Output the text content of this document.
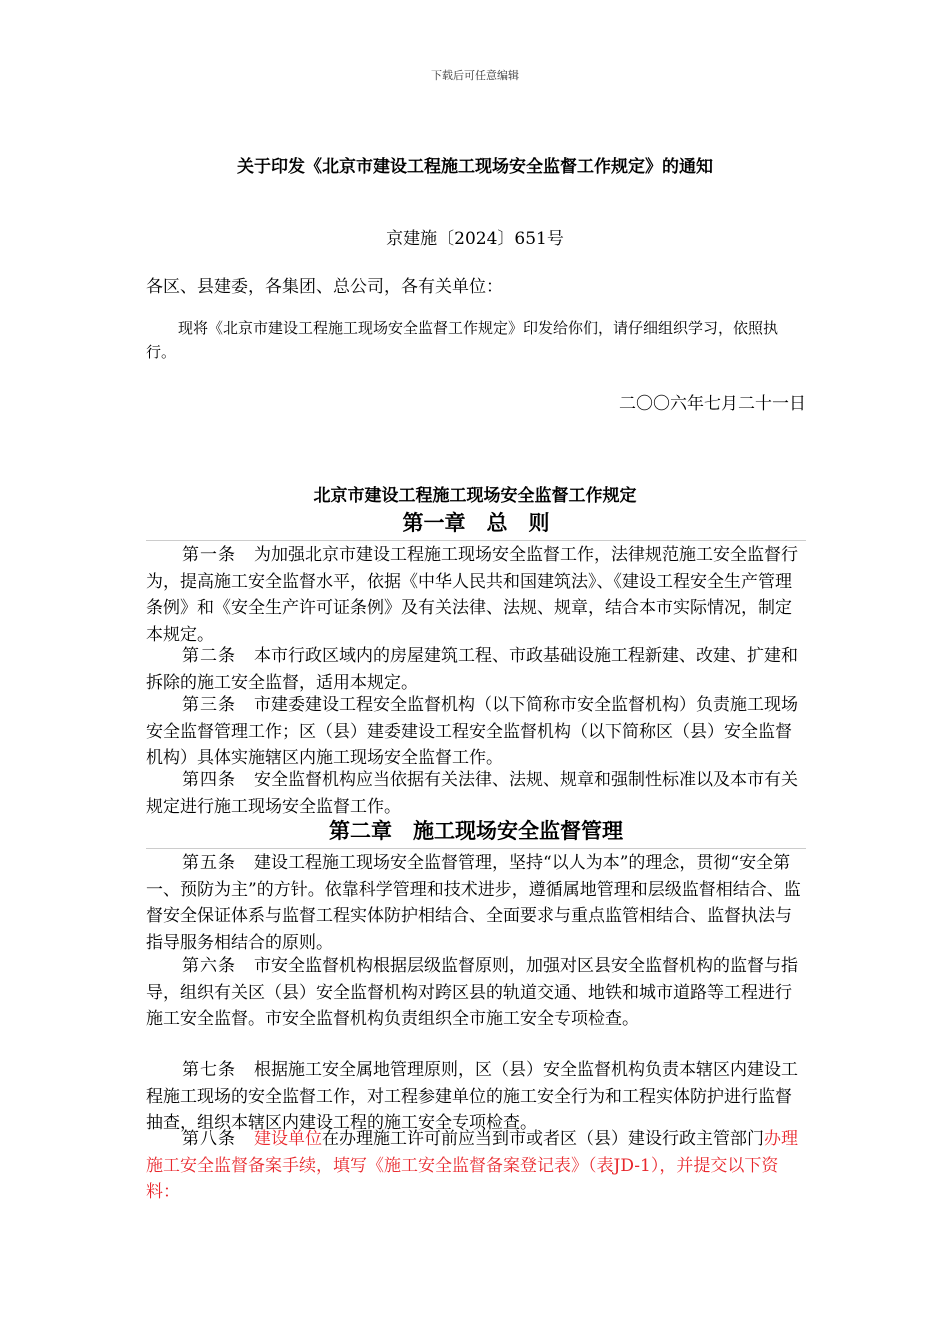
下载后可任意编辑
关于印发《北京市建设工程施工现场安全监督工作规定》的通知
京建施〔2024〕651号
各区、县建委，各集团、总公司，各有关单位：
现将《北京市建设工程施工现场安全监督工作规定》印发给你们，请仔细组织学习，依照执行。
二〇〇六年七月二十一日
北京市建设工程施工现场安全监督工作规定
第一章　总　则
第一条 为加强北京市建设工程施工现场安全监督工作，法律规范施工安全监督行为，提高施工安全监督水平，依据《中华人民共和国建筑法》、《建设工程安全生产管理条例》和《安全生产许可证条例》及有关法律、法规、规章，结合本市实际情况，制定本规定。
第二条 本市行政区域内的房屋建筑工程、市政基础设施工程新建、改建、扩建和拆除的施工安全监督，适用本规定。
第三条 市建委建设工程安全监督机构（以下简称市安全监督机构）负责施工现场安全监督管理工作；区（县）建委建设工程安全监督机构（以下简称区（县）安全监督机构）具体实施辖区内施工现场安全监督工作。
第四条 安全监督机构应当依据有关法律、法规、规章和强制性标准以及本市有关规定进行施工现场安全监督工作。
第二章　施工现场安全监督管理
第五条 建设工程施工现场安全监督管理，坚持“以人为本”的理念，贯彻“安全第一、预防为主”的方针。依靠科学管理和技术进步，遵循属地管理和层级监督相结合、监督安全保证体系与监督工程实体防护相结合、全面要求与重点监管相结合、监督执法与指导服务相结合的原则。
第六条 市安全监督机构根据层级监督原则，加强对区县安全监督机构的监督与指导，组织有关区（县）安全监督机构对跨区县的轨道交通、地铁和城市道路等工程进行施工安全监督。市安全监督机构负责组织全市施工安全专项检查。
第七条 根据施工安全属地管理原则，区（县）安全监督机构负责本辖区内建设工程施工现场的安全监督工作，对工程参建单位的施工安全行为和工程实体防护进行监督抽查，组织本辖区内建设工程的施工安全专项检查。
第八条 建设单位在办理施工许可前应当到市或者区（县）建设行政主管部门办理施工安全监督备案手续，填写《施工安全监督备案登记表》（表JD-1），并提交以下资料：
